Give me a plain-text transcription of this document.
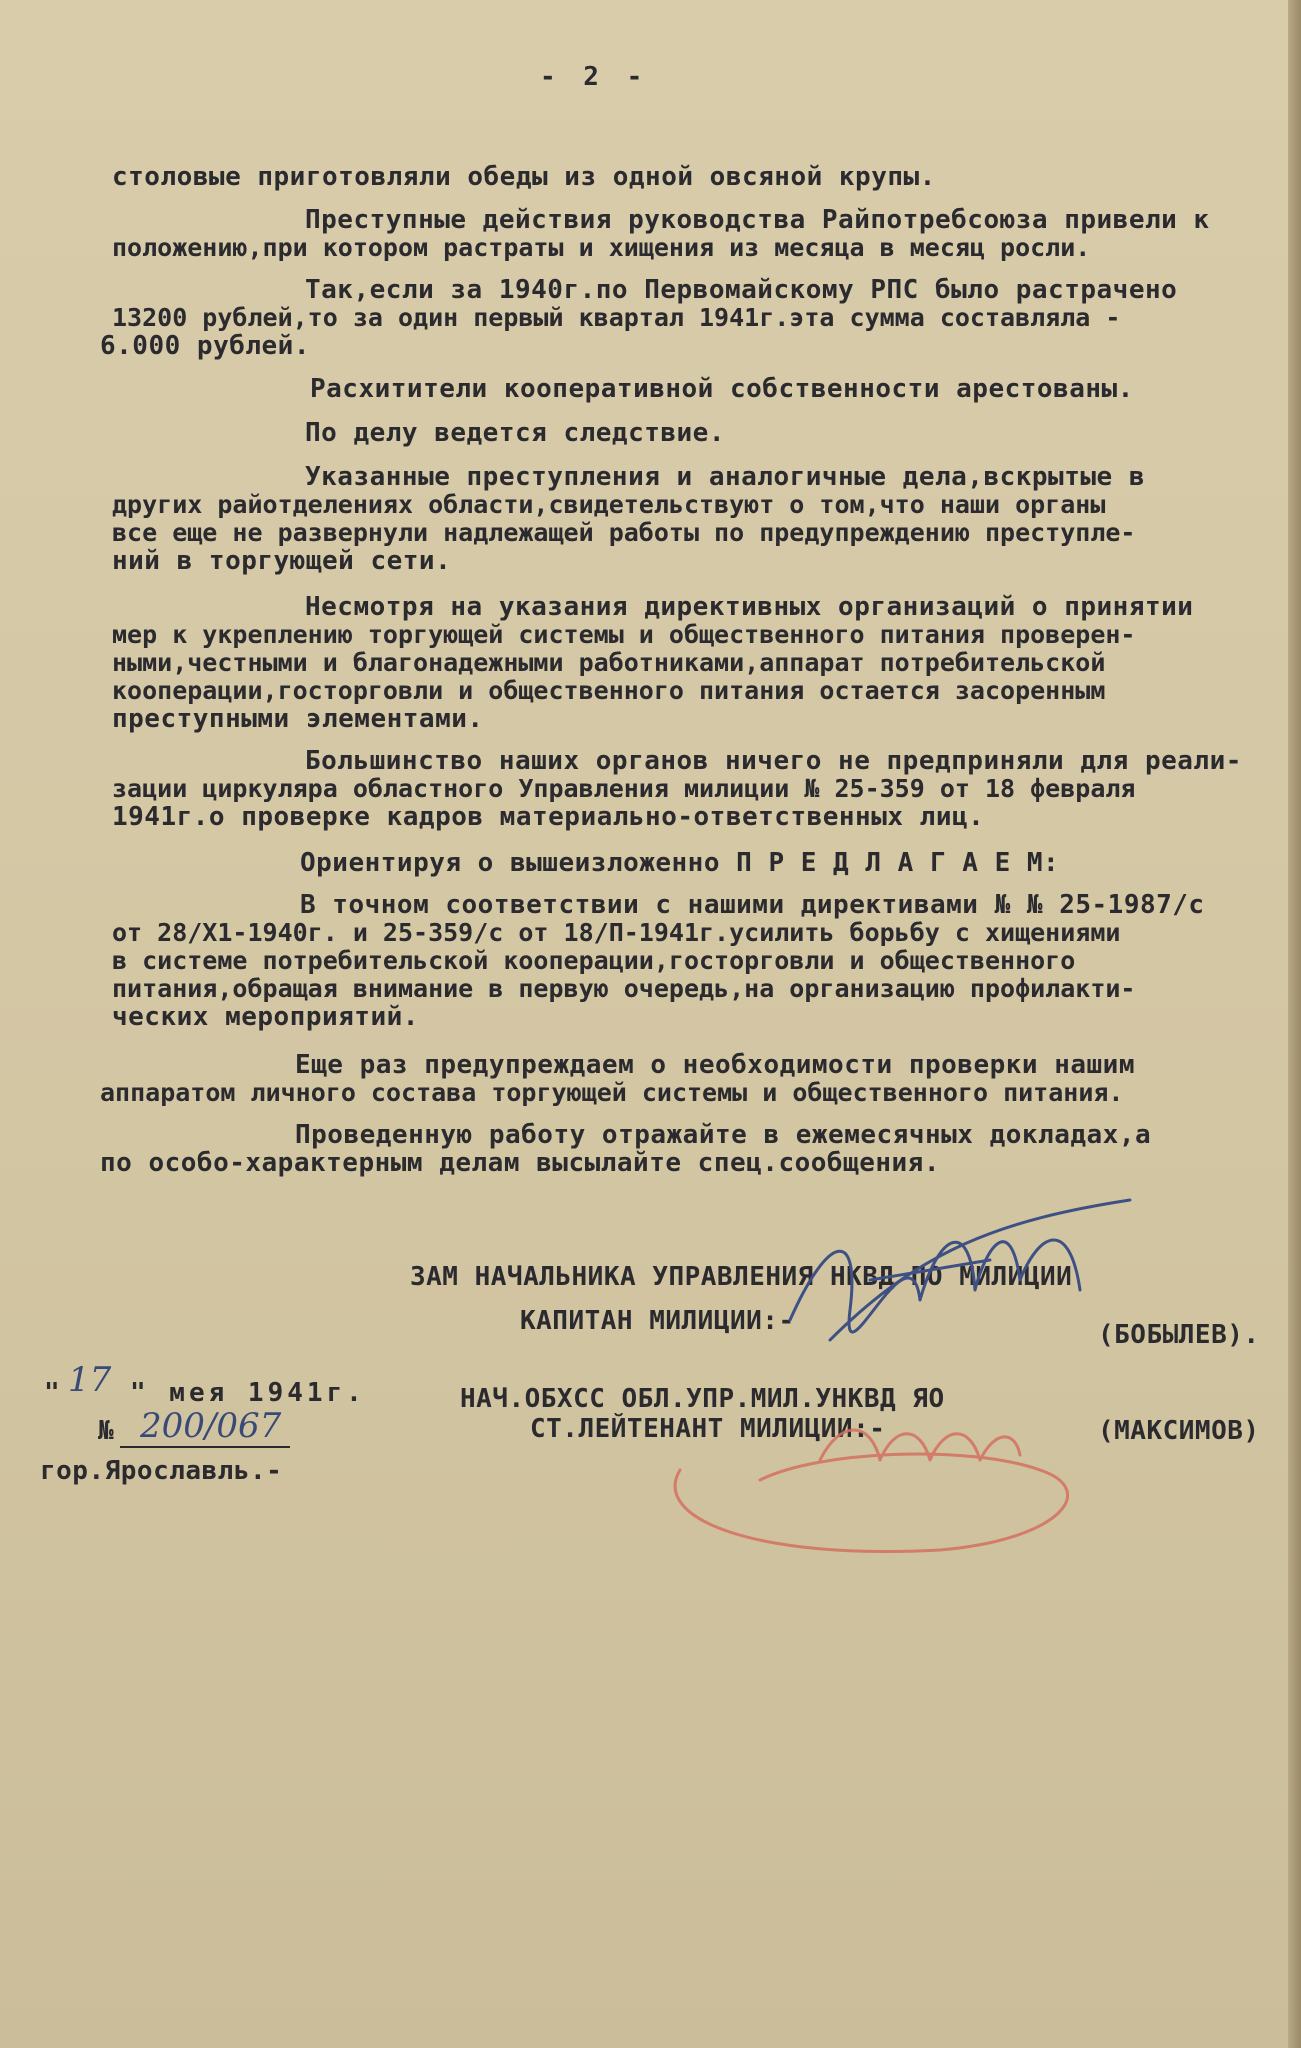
- 2 -
столовые приготовляли обеды из одной овсяной крупы.
Преступные действия руководства Райпотребсоюза привели к
положению,при котором растраты и хищения из месяца в месяц росли.
Так,если за 1940г.по Первомайскому РПС было растрачено
13200 рублей,то за один первый квартал 1941г.эта сумма составляла -
6.000 рублей.
Расхитители кооперативной собственности арестованы.
По делу ведется следствие.
Указанные преступления и аналогичные дела,вскрытые в
других райотделениях области,свидетельствуют о том,что наши органы
все еще не развернули надлежащей работы по предупреждению преступле-
ний в торгующей сети.
Несмотря на указания директивных организаций о принятии
мер к укреплению торгующей системы и общественного питания проверен-
ными,честными и благонадежными работниками,аппарат потребительской
кооперации,госторговли и общественного питания остается засоренным
преступными элементами.
Большинство наших органов ничего не предприняли для реали-
зации циркуляра областного Управления милиции № 25-359 от 18 февраля
1941г.о проверке кадров материально-ответственных лиц.
Ориентируя о вышеизложенно П Р Е Д Л А Г А Е М:
В точном соответствии с нашими директивами № № 25-1987/с
от 28/Х1-1940г. и 25-359/с от 18/П-1941г.усилить борьбу с хищениями
в системе потребительской кооперации,госторговли и общественного
питания,обращая внимание в первую очередь,на организацию профилакти-
ческих мероприятий.
Еще раз предупреждаем о необходимости проверки нашим
аппаратом личного состава торгующей системы и общественного питания.
Проведенную работу отражайте в ежемесячных докладах,а
по особо-характерным делам высылайте спец.сообщения.
ЗАМ НАЧАЛЬНИКА УПРАВЛЕНИЯ НКВД ПО МИЛИЦИИ
КАПИТАН МИЛИЦИИ:-	(БОБЫЛЕВ).
НАЧ.ОБХСС ОБЛ.УПР.МИЛ.УНКВД ЯО
СТ.ЛЕЙТЕНАНТ МИЛИЦИИ:-	(МАКСИМОВ)
" 17 " мея 1941г.
№ 200/067
гор.Ярославль.-
